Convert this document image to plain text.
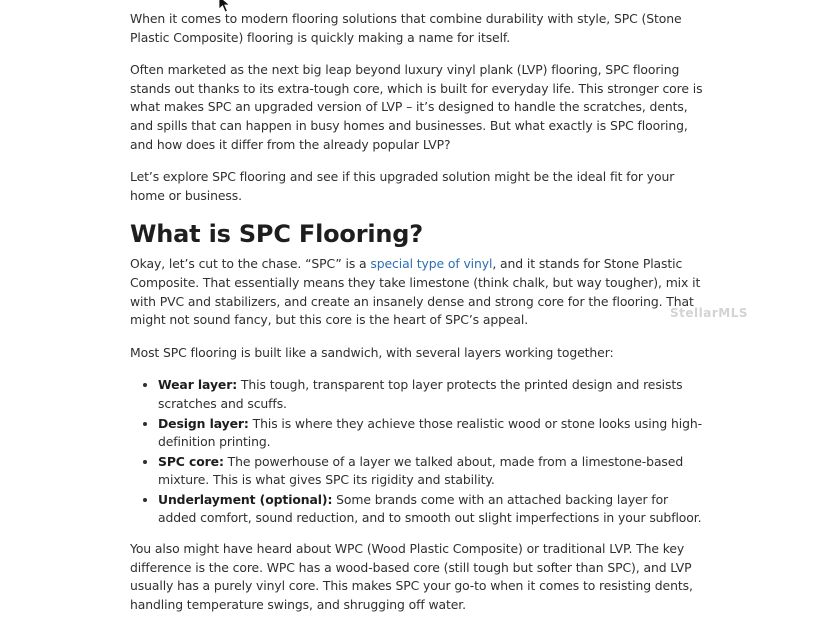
When it comes to modern flooring solutions that combine durability with style, SPC (Stone Plastic Composite) flooring is quickly making a name for itself.

Often marketed as the next big leap beyond luxury vinyl plank (LVP) flooring, SPC flooring stands out thanks to its extra-tough core, which is built for everyday life. This stronger core is what makes SPC an upgraded version of LVP – it’s designed to handle the scratches, dents, and spills that can happen in busy homes and businesses. But what exactly is SPC flooring, and how does it differ from the already popular LVP?

Let’s explore SPC flooring and see if this upgraded solution might be the ideal fit for your home or business.

What is SPC Flooring?

Okay, let’s cut to the chase. “SPC” is a special type of vinyl, and it stands for Stone Plastic Composite. That essentially means they take limestone (think chalk, but way tougher), mix it with PVC and stabilizers, and create an insanely dense and strong core for the flooring. That might not sound fancy, but this core is the heart of SPC’s appeal.

Most SPC flooring is built like a sandwich, with several layers working together:

• Wear layer: This tough, transparent top layer protects the printed design and resists scratches and scuffs.
• Design layer: This is where they achieve those realistic wood or stone looks using high-definition printing.
• SPC core: The powerhouse of a layer we talked about, made from a limestone-based mixture. This is what gives SPC its rigidity and stability.
• Underlayment (optional): Some brands come with an attached backing layer for added comfort, sound reduction, and to smooth out slight imperfections in your subfloor.

You also might have heard about WPC (Wood Plastic Composite) or traditional LVP. The key difference is the core. WPC has a wood-based core (still tough but softer than SPC), and LVP usually has a purely vinyl core. This makes SPC your go-to when it comes to resisting dents, handling temperature swings, and shrugging off water.

StellarMLS
